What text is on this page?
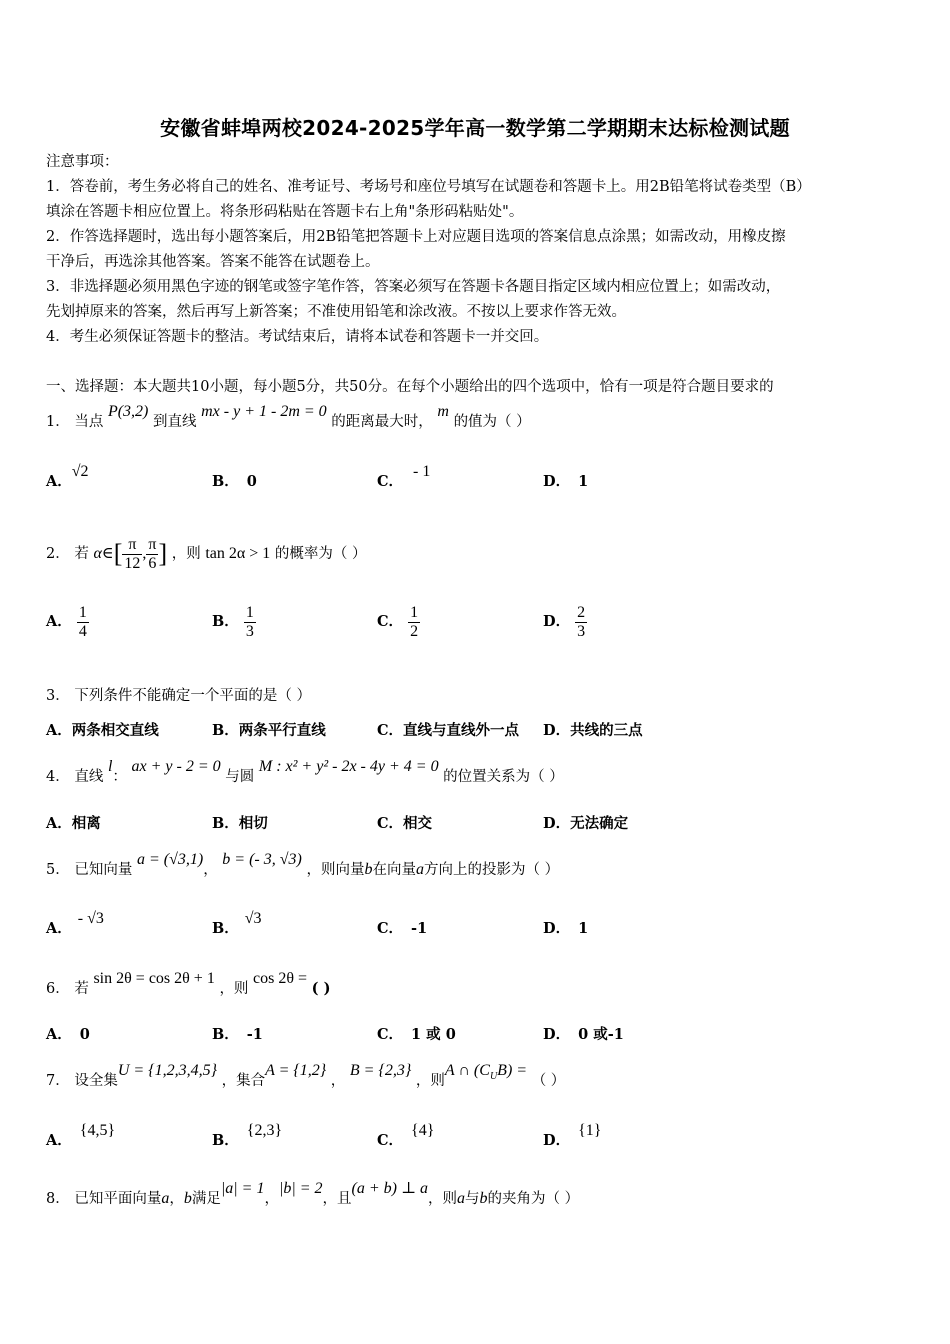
安徽省蚌埠两校2024-2025学年高一数学第二学期期末达标检测试题
注意事项：
1．答卷前，考生务必将自己的姓名、准考证号、考场号和座位号填写在试题卷和答题卡上。用2B铅笔将试卷类型（B）
填涂在答题卡相应位置上。将条形码粘贴在答题卡右上角"条形码粘贴处"。
2．作答选择题时，选出每小题答案后，用2B铅笔把答题卡上对应题目选项的答案信息点涂黑；如需改动，用橡皮擦
干净后，再选涂其他答案。答案不能答在试题卷上。
3．非选择题必须用黑色字迹的钢笔或签字笔作答，答案必须写在答题卡各题目指定区域内相应位置上；如需改动，
先划掉原来的答案，然后再写上新答案；不准使用铅笔和涂改液。不按以上要求作答无效。
4．考生必须保证答题卡的整洁。考试结束后，请将本试卷和答题卡一并交回。
一、选择题：本大题共10小题，每小题5分，共50分。在每个小题给出的四个选项中，恰有一项是符合题目要求的
1． 当点 P(3,2) 到直线 mx - y + 1 - 2m = 0 的距离最大时， m 的值为（ ）
A．√2
B． 0	C．- 1
D． 1
2． 若 α∈[ $\frac{\pi}{12}$ , $\frac{\pi}{6}$ ] ，则 tan 2α > 1 的概率为（ ）
A． $\frac{1}{4}$	B． $\frac{1}{3}$	C． $\frac{1}{2}$	D． $\frac{2}{3}$
3． 下列条件不能确定一个平面的是（ ）
A．两条相交直线	B．两条平行直线	C．直线与直线外一点 D．共线的三点
4． 直线 l： ax + y - 2 = 0 与圆 M : x² + y² - 2x - 4y + 4 = 0 的位置关系为（ ）
A．相离	B．相切	C．相交	D．无法确定
5． 已知向量 a = (√3,1)， b = (- 3, √3) ，则向量b在向量a方向上的投影为（ ）
A．- √3
B．√3
C． -1	D． 1
6． 若 sin 2θ = cos 2θ + 1 ，则 cos 2θ = ( )
A． 0	B． -1	C． 1 或 0	D． 0 或-1
7． 设全集U = {1,2,3,4,5} ，集合A = {1,2} ， B = {2,3} ，则A ∩ $(C_UB)$ = （ ）
A．{4,5}
B．{2,3}
C．{4}
D．{1}
8． 已知平面向量a，b满足|a| = 1，|b| = 2，且(a + b) ⊥ a，则a与b的夹角为（ ）
